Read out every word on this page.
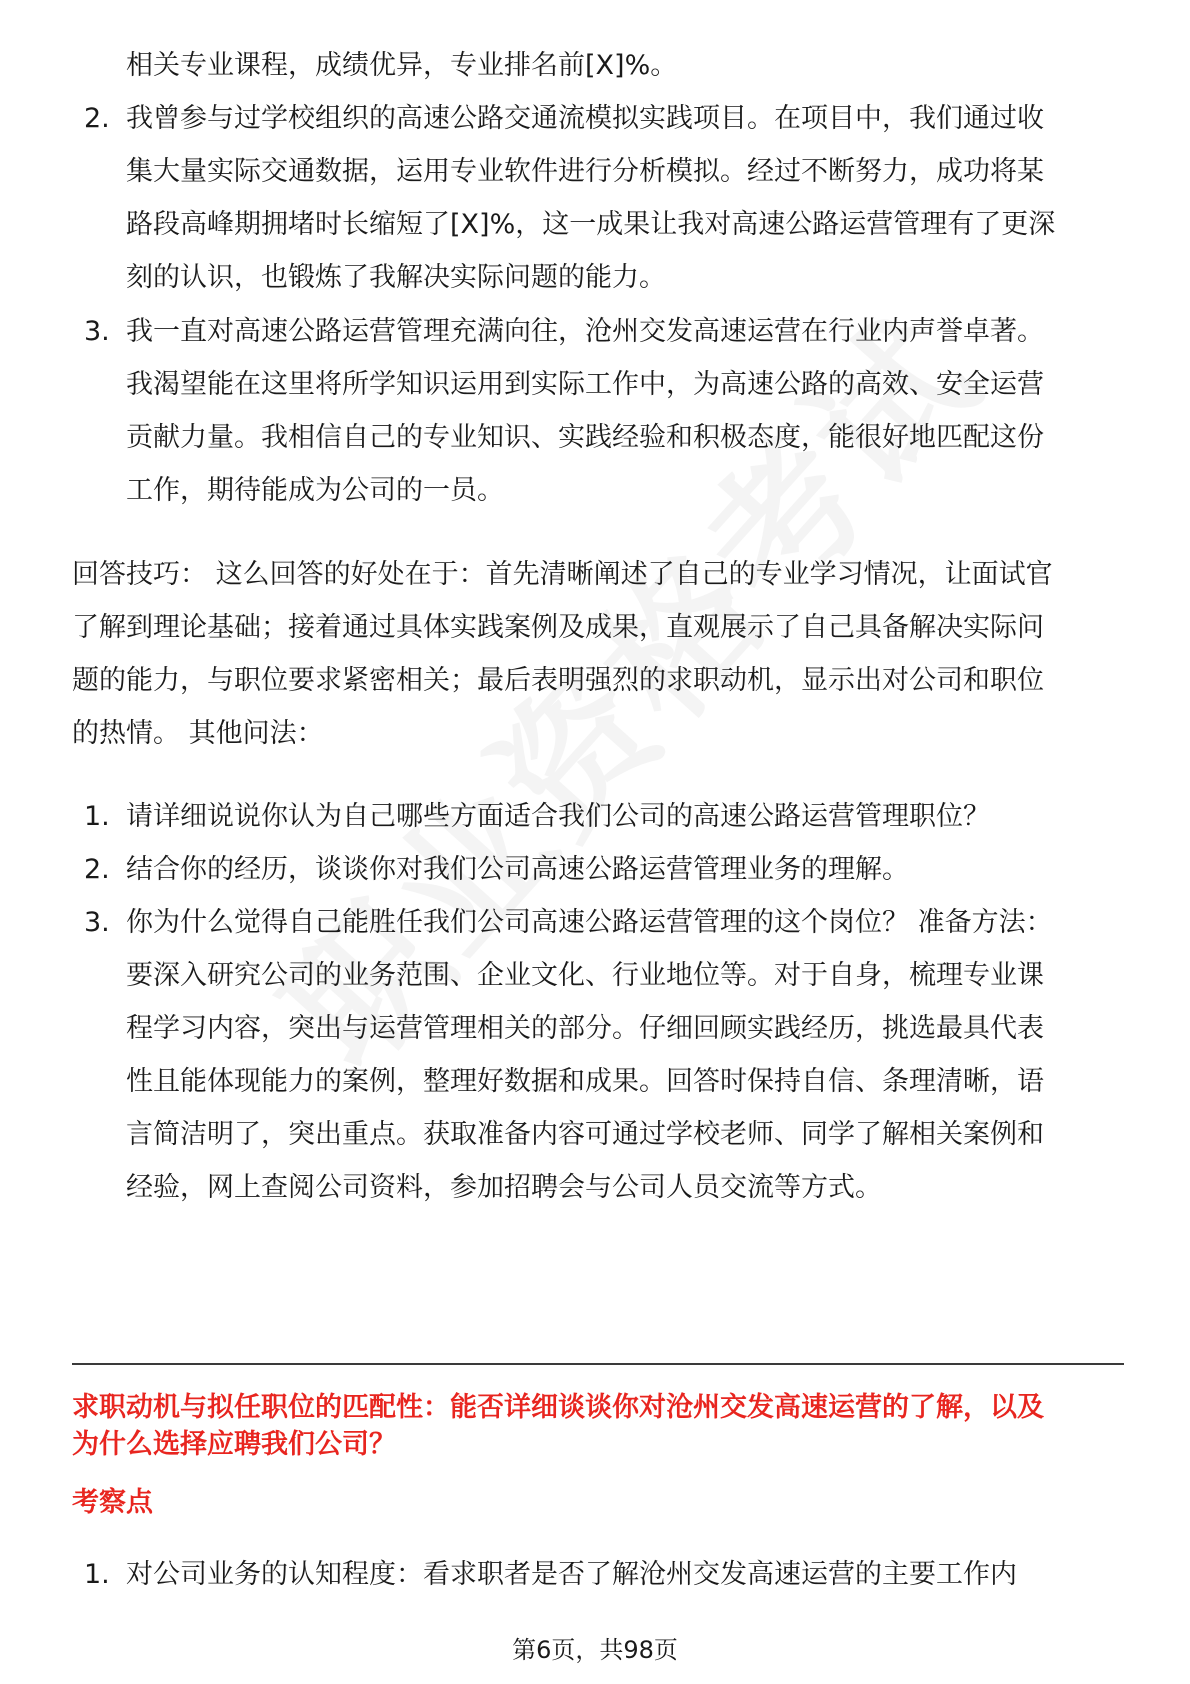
相关专业课程，成绩优异，专业排名前[X]%。
2. 我曾参与过学校组织的高速公路交通流模拟实践项目。在项目中，我们通过收
集大量实际交通数据，运用专业软件进行分析模拟。经过不断努力，成功将某
路段高峰期拥堵时长缩短了[X]%，这一成果让我对高速公路运营管理有了更深
刻的认识，也锻炼了我解决实际问题的能力。
3. 我一直对高速公路运营管理充满向往，沧州交发高速运营在行业内声誉卓著。
我渴望能在这里将所学知识运用到实际工作中，为高速公路的高效、安全运营
贡献力量。我相信自己的专业知识、实践经验和积极态度，能很好地匹配这份
工作，期待能成为公司的一员。
回答技巧： 这么回答的好处在于：首先清晰阐述了自己的专业学习情况，让面试官
了解到理论基础；接着通过具体实践案例及成果，直观展示了自己具备解决实际问
题的能力，与职位要求紧密相关；最后表明强烈的求职动机，显示出对公司和职位
的热情。 其他问法：
1. 请详细说说你认为自己哪些方面适合我们公司的高速公路运营管理职位？
2. 结合你的经历，谈谈你对我们公司高速公路运营管理业务的理解。
3. 你为什么觉得自己能胜任我们公司高速公路运营管理的这个岗位？ 准备方法：
要深入研究公司的业务范围、企业文化、行业地位等。对于自身，梳理专业课
程学习内容，突出与运营管理相关的部分。仔细回顾实践经历，挑选最具代表
性且能体现能力的案例，整理好数据和成果。回答时保持自信、条理清晰，语
言简洁明了，突出重点。获取准备内容可通过学校老师、同学了解相关案例和
经验，网上查阅公司资料，参加招聘会与公司人员交流等方式。
求职动机与拟任职位的匹配性：能否详细谈谈你对沧州交发高速运营的了解，以及
为什么选择应聘我们公司？
考察点
1. 对公司业务的认知程度：看求职者是否了解沧州交发高速运营的主要工作内
第6页，共98页
